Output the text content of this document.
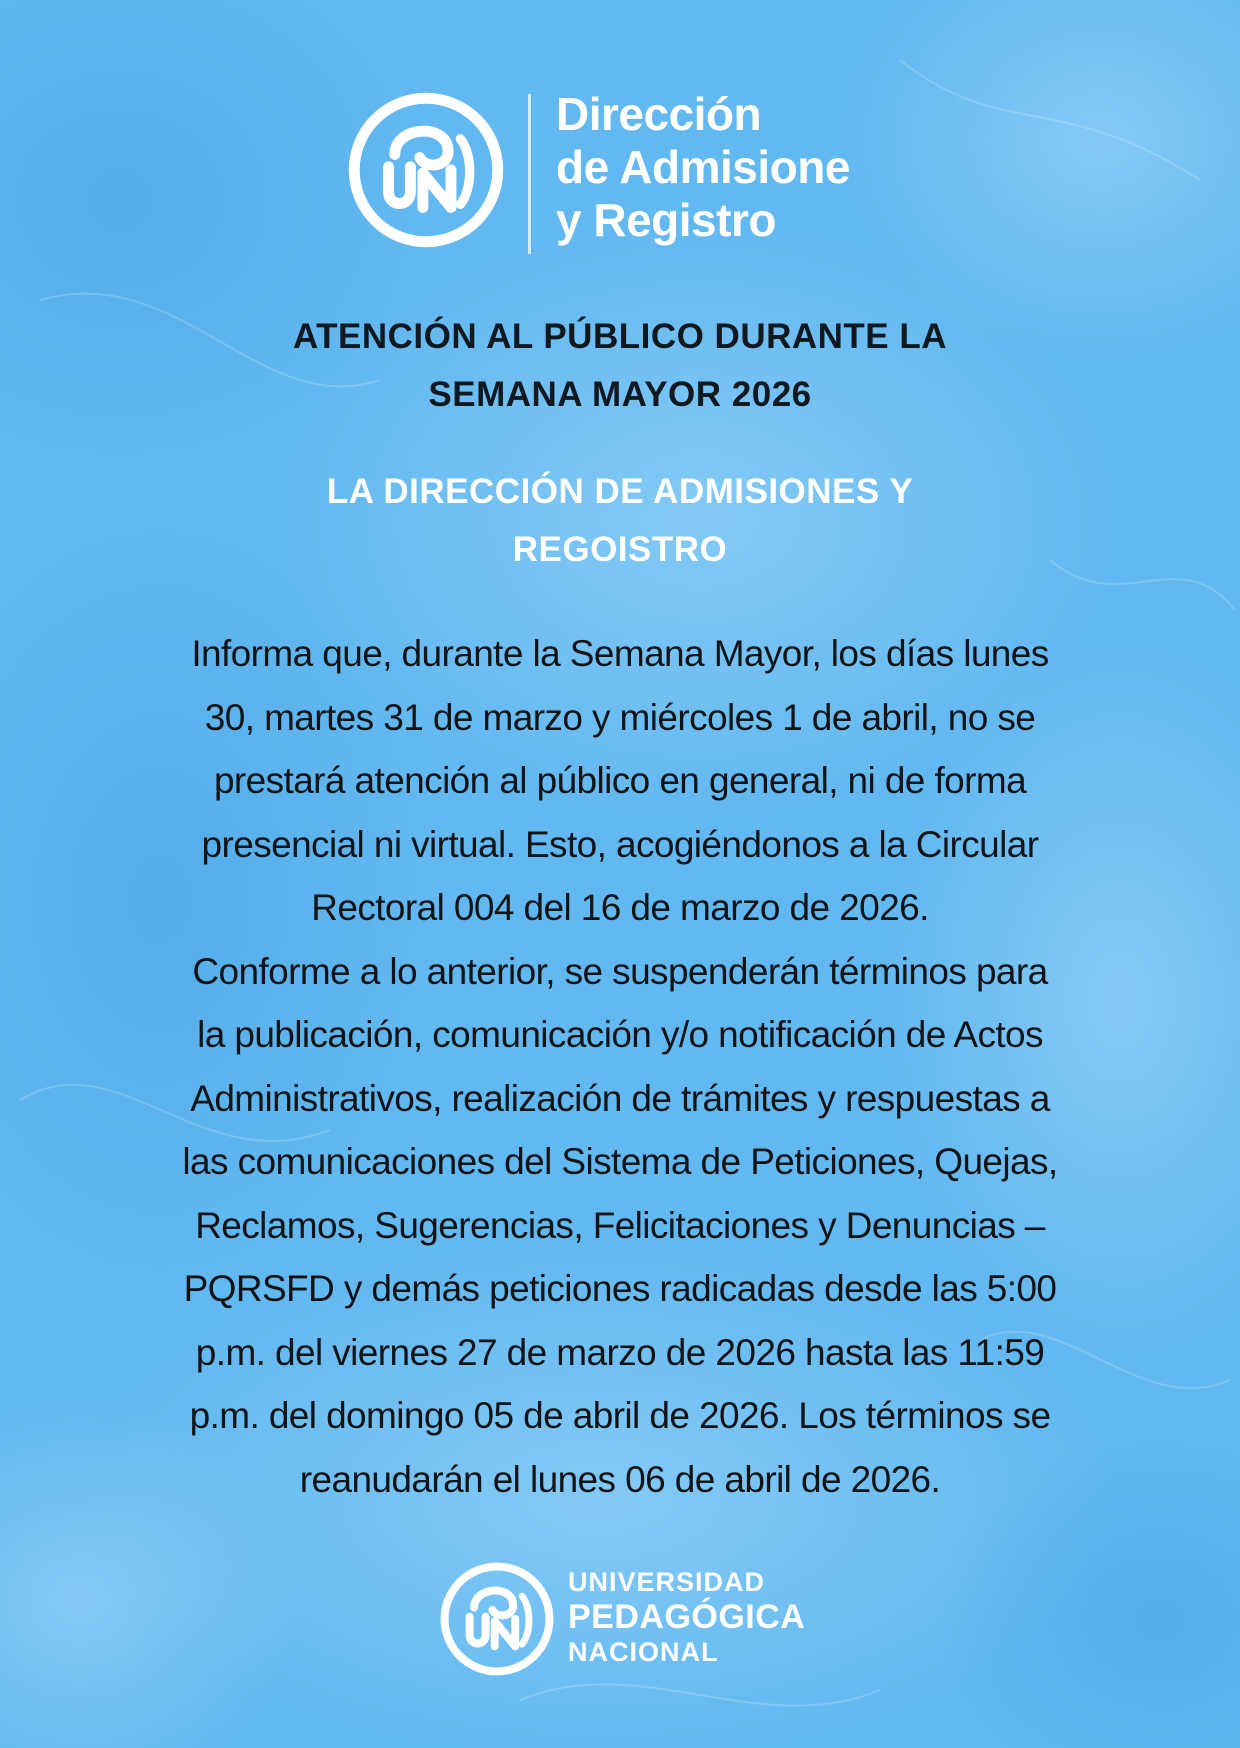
Dirección
de Admisione
y Registro
ATENCIÓN AL PÚBLICO DURANTE LA
SEMANA MAYOR 2026
LA DIRECCIÓN DE ADMISIONES Y
REGOISTRO
Informa que, durante la Semana Mayor, los días lunes
30, martes 31 de marzo y miércoles 1 de abril, no se
prestará atención al público en general, ni de forma
presencial ni virtual. Esto, acogiéndonos a la Circular
Rectoral 004 del 16 de marzo de 2026.
Conforme a lo anterior, se suspenderán términos para
la publicación, comunicación y/o notificación de Actos
Administrativos, realización de trámites y respuestas a
las comunicaciones del Sistema de Peticiones, Quejas,
Reclamos, Sugerencias, Felicitaciones y Denuncias –
PQRSFD y demás peticiones radicadas desde las 5:00
p.m. del viernes 27 de marzo de 2026 hasta las 11:59
p.m. del domingo 05 de abril de 2026. Los términos se
reanudarán el lunes 06 de abril de 2026.
UNIVERSIDAD
PEDAGÓGICA
NACIONAL
